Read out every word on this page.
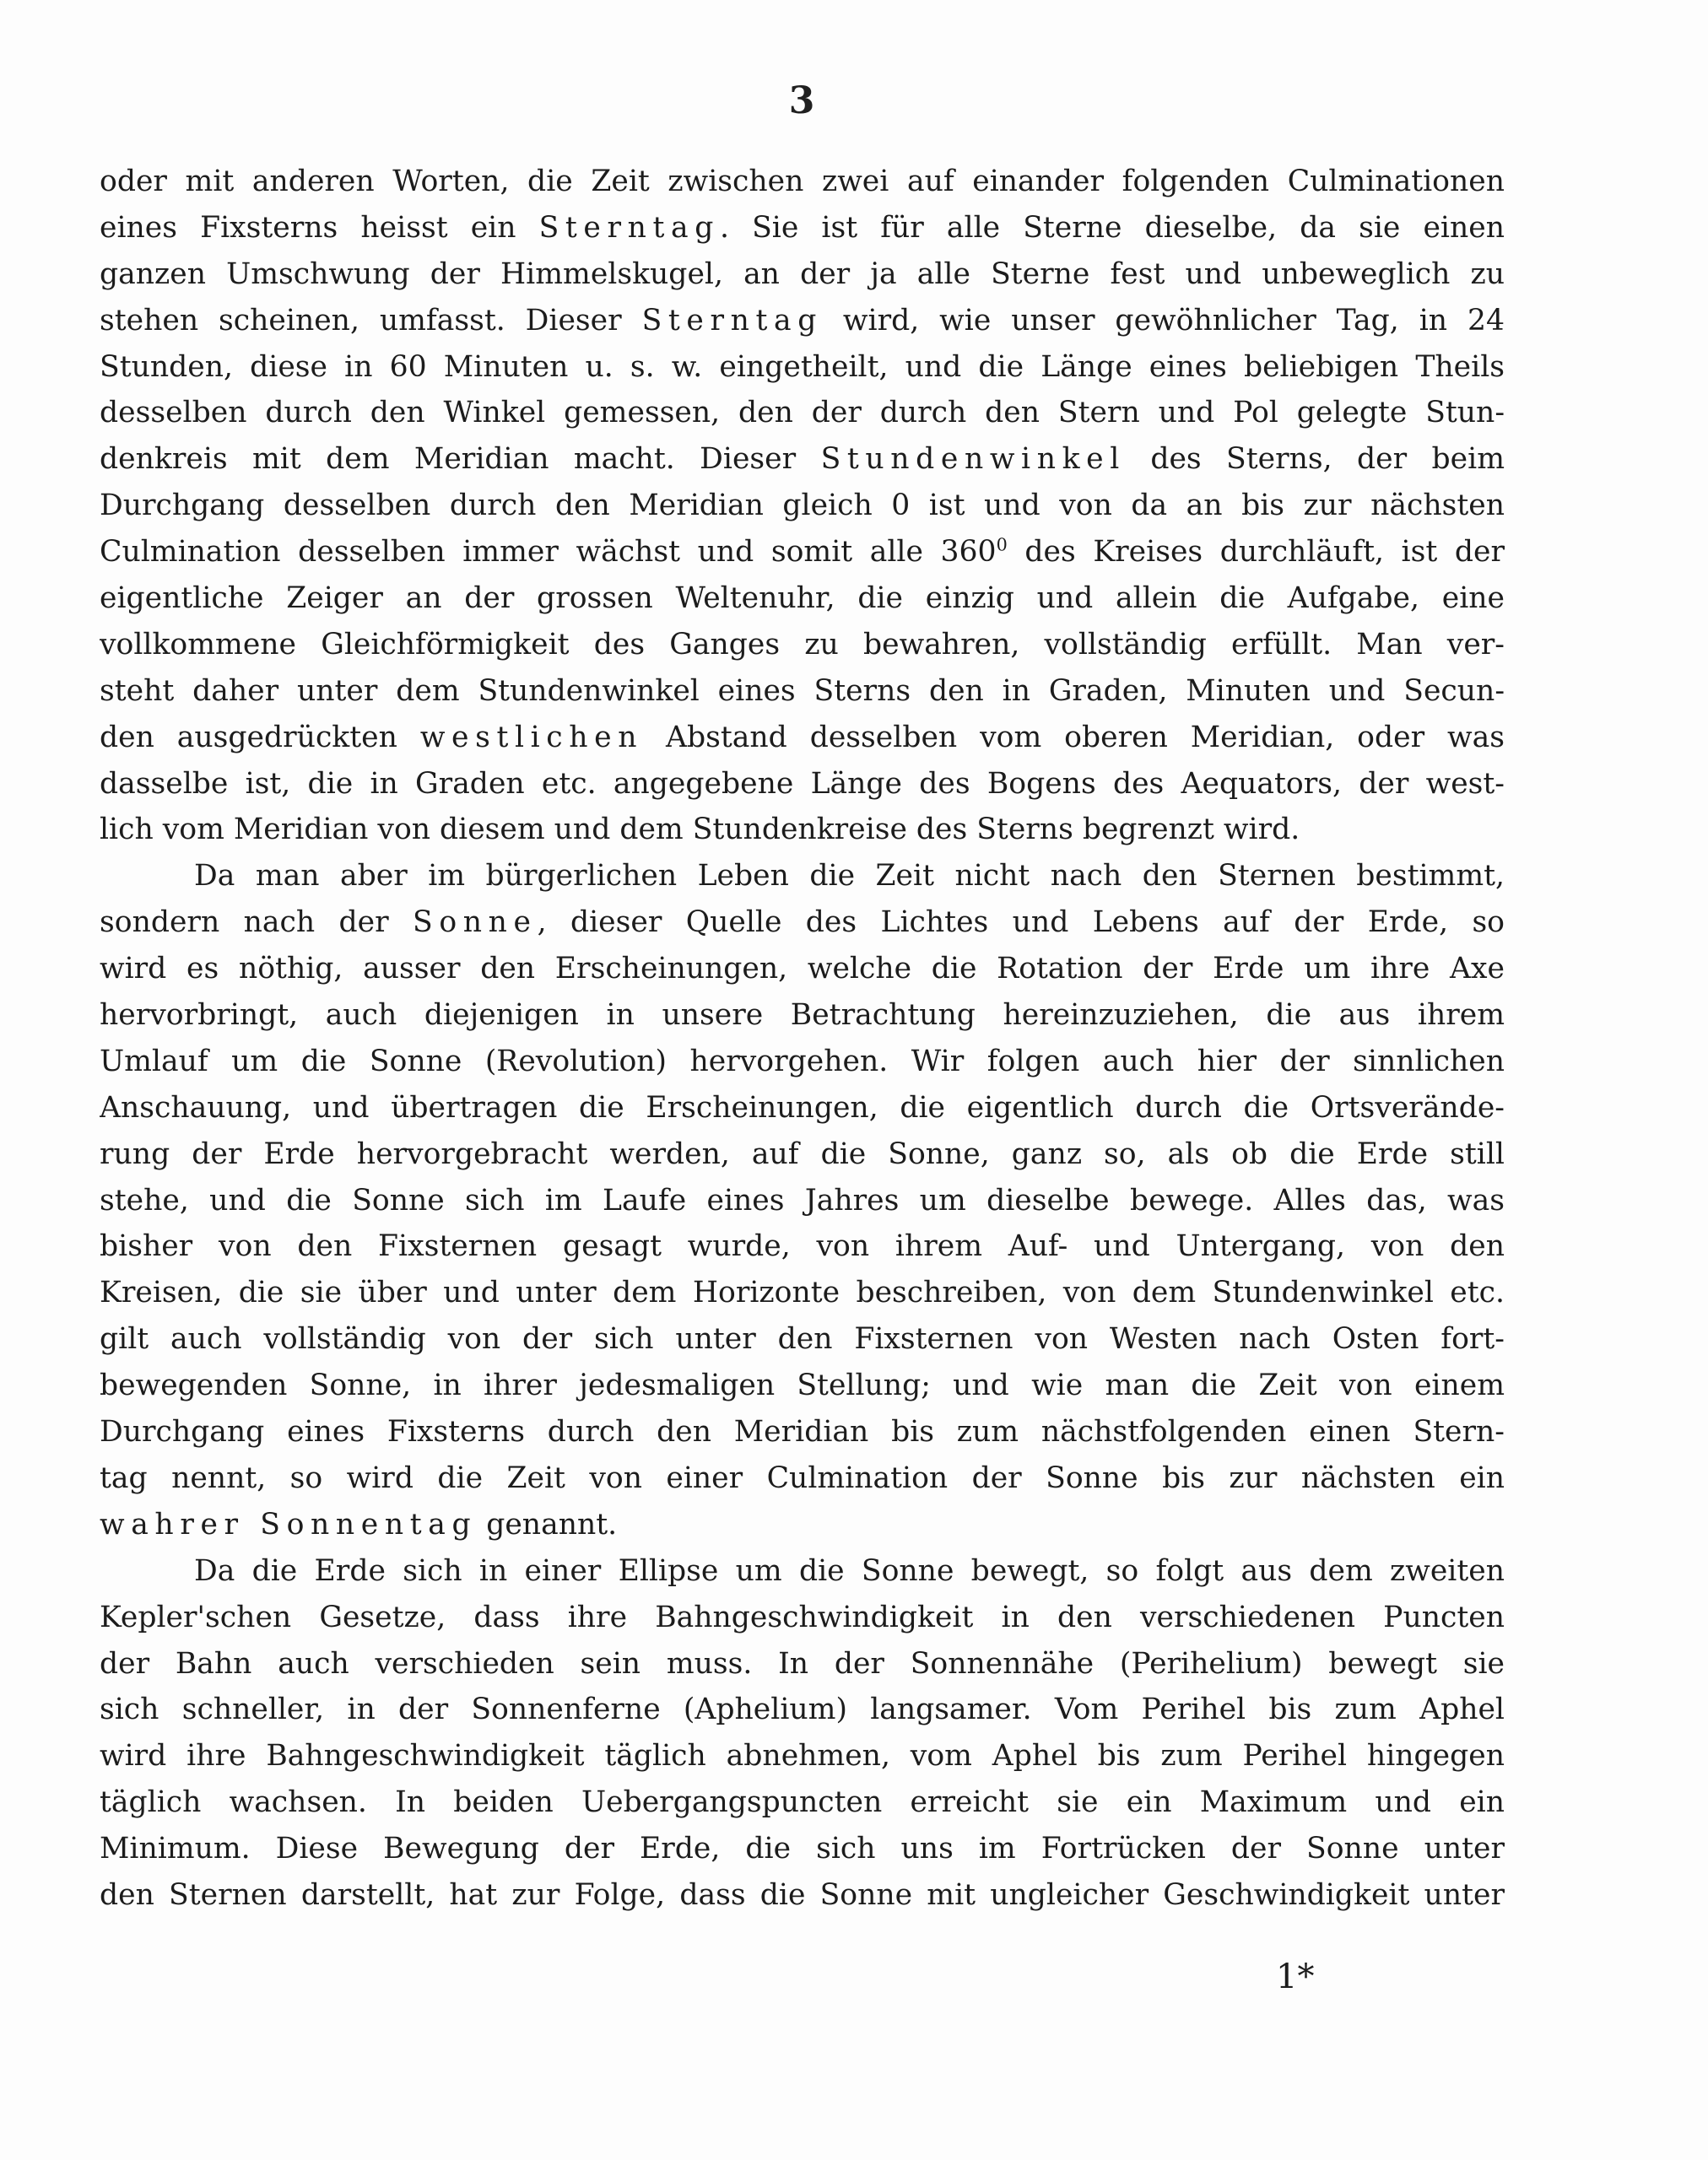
3
oder mit anderen Worten, die Zeit zwischen zwei auf einander folgenden Culminationen
eines Fixsterns heisst ein Sterntag. Sie ist für alle Sterne dieselbe, da sie einen
ganzen Umschwung der Himmelskugel, an der ja alle Sterne fest und unbeweglich zu
stehen scheinen, umfasst. Dieser Sterntag wird, wie unser gewöhnlicher Tag, in 24
Stunden, diese in 60 Minuten u. s. w. eingetheilt, und die Länge eines beliebigen Theils
desselben durch den Winkel gemessen, den der durch den Stern und Pol gelegte Stun-
denkreis mit dem Meridian macht. Dieser Stundenwinkel des Sterns, der beim
Durchgang desselben durch den Meridian gleich 0 ist und von da an bis zur nächsten
Culmination desselben immer wächst und somit alle $360^0$ des Kreises durchläuft, ist der
eigentliche Zeiger an der grossen Weltenuhr, die einzig und allein die Aufgabe, eine
vollkommene Gleichförmigkeit des Ganges zu bewahren, vollständig erfüllt. Man ver-
steht daher unter dem Stundenwinkel eines Sterns den in Graden, Minuten und Secun-
den ausgedrückten westlichen Abstand desselben vom oberen Meridian, oder was
dasselbe ist, die in Graden etc. angegebene Länge des Bogens des Aequators, der west-
lich vom Meridian von diesem und dem Stundenkreise des Sterns begrenzt wird.
Da man aber im bürgerlichen Leben die Zeit nicht nach den Sternen bestimmt,
sondern nach der Sonne, dieser Quelle des Lichtes und Lebens auf der Erde, so
wird es nöthig, ausser den Erscheinungen, welche die Rotation der Erde um ihre Axe
hervorbringt, auch diejenigen in unsere Betrachtung hereinzuziehen, die aus ihrem
Umlauf um die Sonne (Revolution) hervorgehen. Wir folgen auch hier der sinnlichen
Anschauung, und übertragen die Erscheinungen, die eigentlich durch die Ortsverände-
rung der Erde hervorgebracht werden, auf die Sonne, ganz so, als ob die Erde still
stehe, und die Sonne sich im Laufe eines Jahres um dieselbe bewege. Alles das, was
bisher von den Fixsternen gesagt wurde, von ihrem Auf- und Untergang, von den
Kreisen, die sie über und unter dem Horizonte beschreiben, von dem Stundenwinkel etc.
gilt auch vollständig von der sich unter den Fixsternen von Westen nach Osten fort-
bewegenden Sonne, in ihrer jedesmaligen Stellung; und wie man die Zeit von einem
Durchgang eines Fixsterns durch den Meridian bis zum nächstfolgenden einen Stern-
tag nennt, so wird die Zeit von einer Culmination der Sonne bis zur nächsten ein
wahrer Sonnentag genannt.
Da die Erde sich in einer Ellipse um die Sonne bewegt, so folgt aus dem zweiten
Kepler'schen Gesetze, dass ihre Bahngeschwindigkeit in den verschiedenen Puncten
der Bahn auch verschieden sein muss. In der Sonnennähe (Perihelium) bewegt sie
sich schneller, in der Sonnenferne (Aphelium) langsamer. Vom Perihel bis zum Aphel
wird ihre Bahngeschwindigkeit täglich abnehmen, vom Aphel bis zum Perihel hingegen
täglich wachsen. In beiden Uebergangspuncten erreicht sie ein Maximum und ein
Minimum. Diese Bewegung der Erde, die sich uns im Fortrücken der Sonne unter
den Sternen darstellt, hat zur Folge, dass die Sonne mit ungleicher Geschwindigkeit unter
1*
